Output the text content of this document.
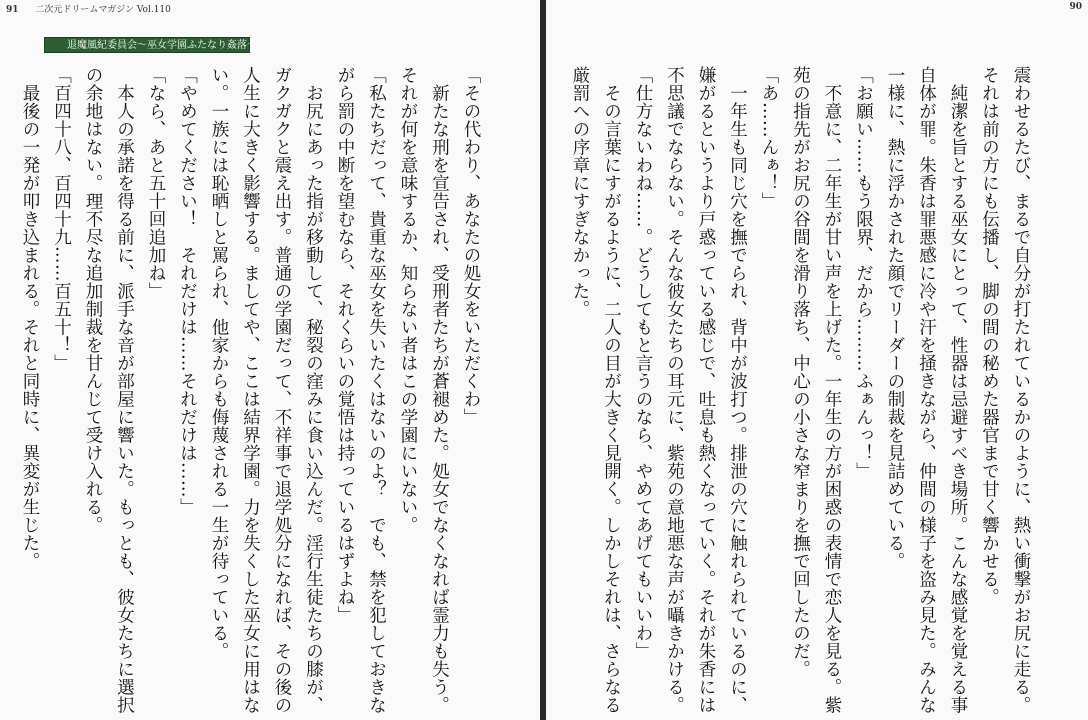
91 二次元ドリームマガジン Vol.110
退魔風紀委員会～巫女学園ふたなり姦落～

「その代わり、あなたの処女をいただくわ」

　新たな刑を宣告され、受刑者たちが蒼褪めた。処女でなくなれば霊力も失う。

それが何を意味するか、知らない者はこの学園にいない。

「私たちだって、貴重な巫女を失いたくはないのよ？　でも、禁を犯しておきな

がら罰の中断を望むなら、それくらいの覚悟は持っているはずよね」

　お尻にあった指が移動して、秘裂の窪みに食い込んだ。淫行生徒たちの膝が、

ガクガクと震え出す。普通の学園だって、不祥事で退学処分になれば、その後の

人生に大きく影響する。ましてや、ここは結界学園。力を失くした巫女に用はな

い。一族には恥晒しと罵られ、他家からも侮蔑される一生が待っている。

「やめてください！　それだけは……それだけは……」

「なら、あと五十回追加ね」

　本人の承諾を得る前に、派手な音が部屋に響いた。もっとも、彼女たちに選択

の余地はない。理不尽な追加制裁を甘んじて受け入れる。

「百四十八、百四十九……百五十！」

　最後の一発が叩き込まれる。それと同時に、異変が生じた。

90

震わせるたび、まるで自分が打たれているかのように、熱い衝撃がお尻に走る。

それは前の方にも伝播し、脚の間の秘めた器官まで甘く響かせる。

　純潔を旨とする巫女にとって、性器は忌避すべき場所。こんな感覚を覚える事

自体が罪。朱香は罪悪感に冷や汗を掻きながら、仲間の様子を盗み見た。みんな

一様に、熱に浮かされた顔でリーダーの制裁を見詰めている。

「お願い……もう限界、だから………ふぁんっ！」

　不意に、二年生が甘い声を上げた。一年生の方が困惑の表情で恋人を見る。紫

苑の指先がお尻の谷間を滑り落ち、中心の小さな窄まりを撫で回したのだ。

「あ……んぁ！」

　一年生も同じ穴を撫でられ、背中が波打つ。排泄の穴に触れられているのに、

嫌がるというより戸惑っている感じで、吐息も熱くなっていく。それが朱香には

不思議でならない。そんな彼女たちの耳元に、紫苑の意地悪な声が囁きかける。

「仕方ないわね……。どうしてもと言うのなら、やめてあげてもいいわ」

　その言葉にすがるように、二人の目が大きく見開く。しかしそれは、さらなる

厳罰への序章にすぎなかった。
